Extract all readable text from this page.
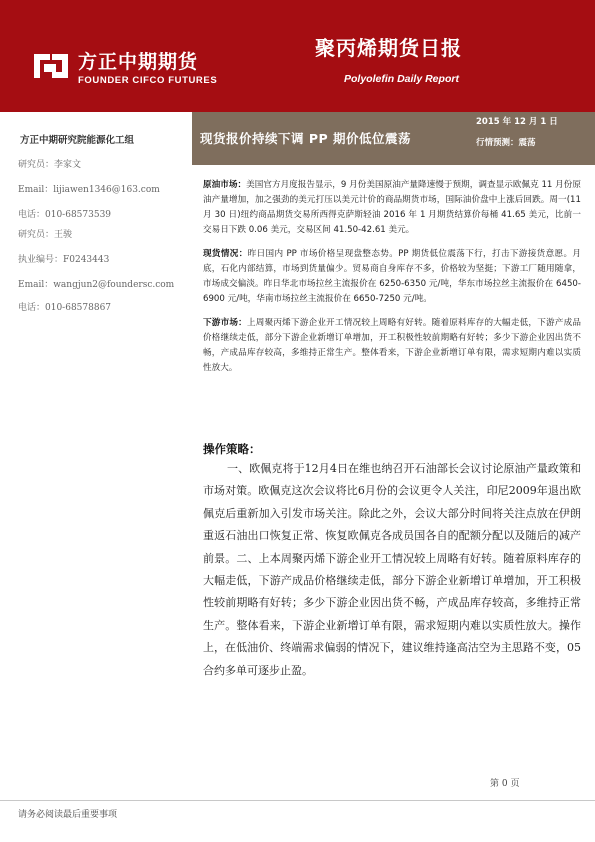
方正中期期货
FOUNDER CIFCO FUTURES
聚丙烯期货日报
Polyolefin Daily Report
方正中期研究院能源化工组
研究员：李家文
Email：lijiawen1346@163.com
电话：010-68573539
研究员：王骏
执业编号：F0243443
Email：wangjun2@foundersc.com
电话：010-68578867
现货报价持续下调 PP 期价低位震荡
2015 年 12 月 1 日
行情预测：震荡

原油市场：美国官方月度报告显示，9 月份美国原油产量降速慢于预期，调查显示欧佩克 11 月份原油产量增加，加之强劲的美元打压以美元计价的商品期货市场，国际油价盘中上涨后回跌。周一(11 月 30 日)纽约商品期货交易所西得克萨斯轻油 2016 年 1 月期货结算价每桶 41.65 美元，比前一交易日下跌 0.06 美元，交易区间 41.50-42.61 美元。

现货情况：昨日国内 PP 市场价格呈现盘整态势。PP 期货低位震荡下行，打击下游接货意愿。月底，石化内部结算，市场到货量偏少。贸易商自身库存不多，价格较为坚挺；下游工厂随用随拿，市场成交偏淡。昨日华北市场拉丝主流报价在 6250-6350 元/吨，华东市场拉丝主流报价在 6450-6900 元/吨，华南市场拉丝主流报价在 6650-7250 元/吨。

下游市场：上周聚丙烯下游企业开工情况较上周略有好转。随着原料库存的大幅走低，下游产成品价格继续走低，部分下游企业新增订单增加，开工积极性较前期略有好转；多少下游企业因出货不畅，产成品库存较高，多维持正常生产。整体看来，下游企业新增订单有限，需求短期内难以实质性放大。

操作策略：

一、欧佩克将于12月4日在维也纳召开石油部长会议讨论原油产量政策和市场对策。欧佩克这次会议将比6月份的会议更令人关注，印尼2009年退出欧佩克后重新加入引发市场关注。除此之外，会议大部分时间将关注点放在伊朗重返石油出口恢复正常、恢复欧佩克各成员国各自的配额分配以及随后的减产前景。二、上本周聚丙烯下游企业开工情况较上周略有好转。随着原料库存的大幅走低，下游产成品价格继续走低，部分下游企业新增订单增加，开工积极性较前期略有好转；多少下游企业因出货不畅，产成品库存较高，多维持正常生产。整体看来，下游企业新增订单有限，需求短期内难以实质性放大。操作上，在低油价、终端需求偏弱的情况下，建议维持逢高沽空为主思路不变，05合约多单可逐步止盈。

第 0 页
请务必阅读最后重要事项
